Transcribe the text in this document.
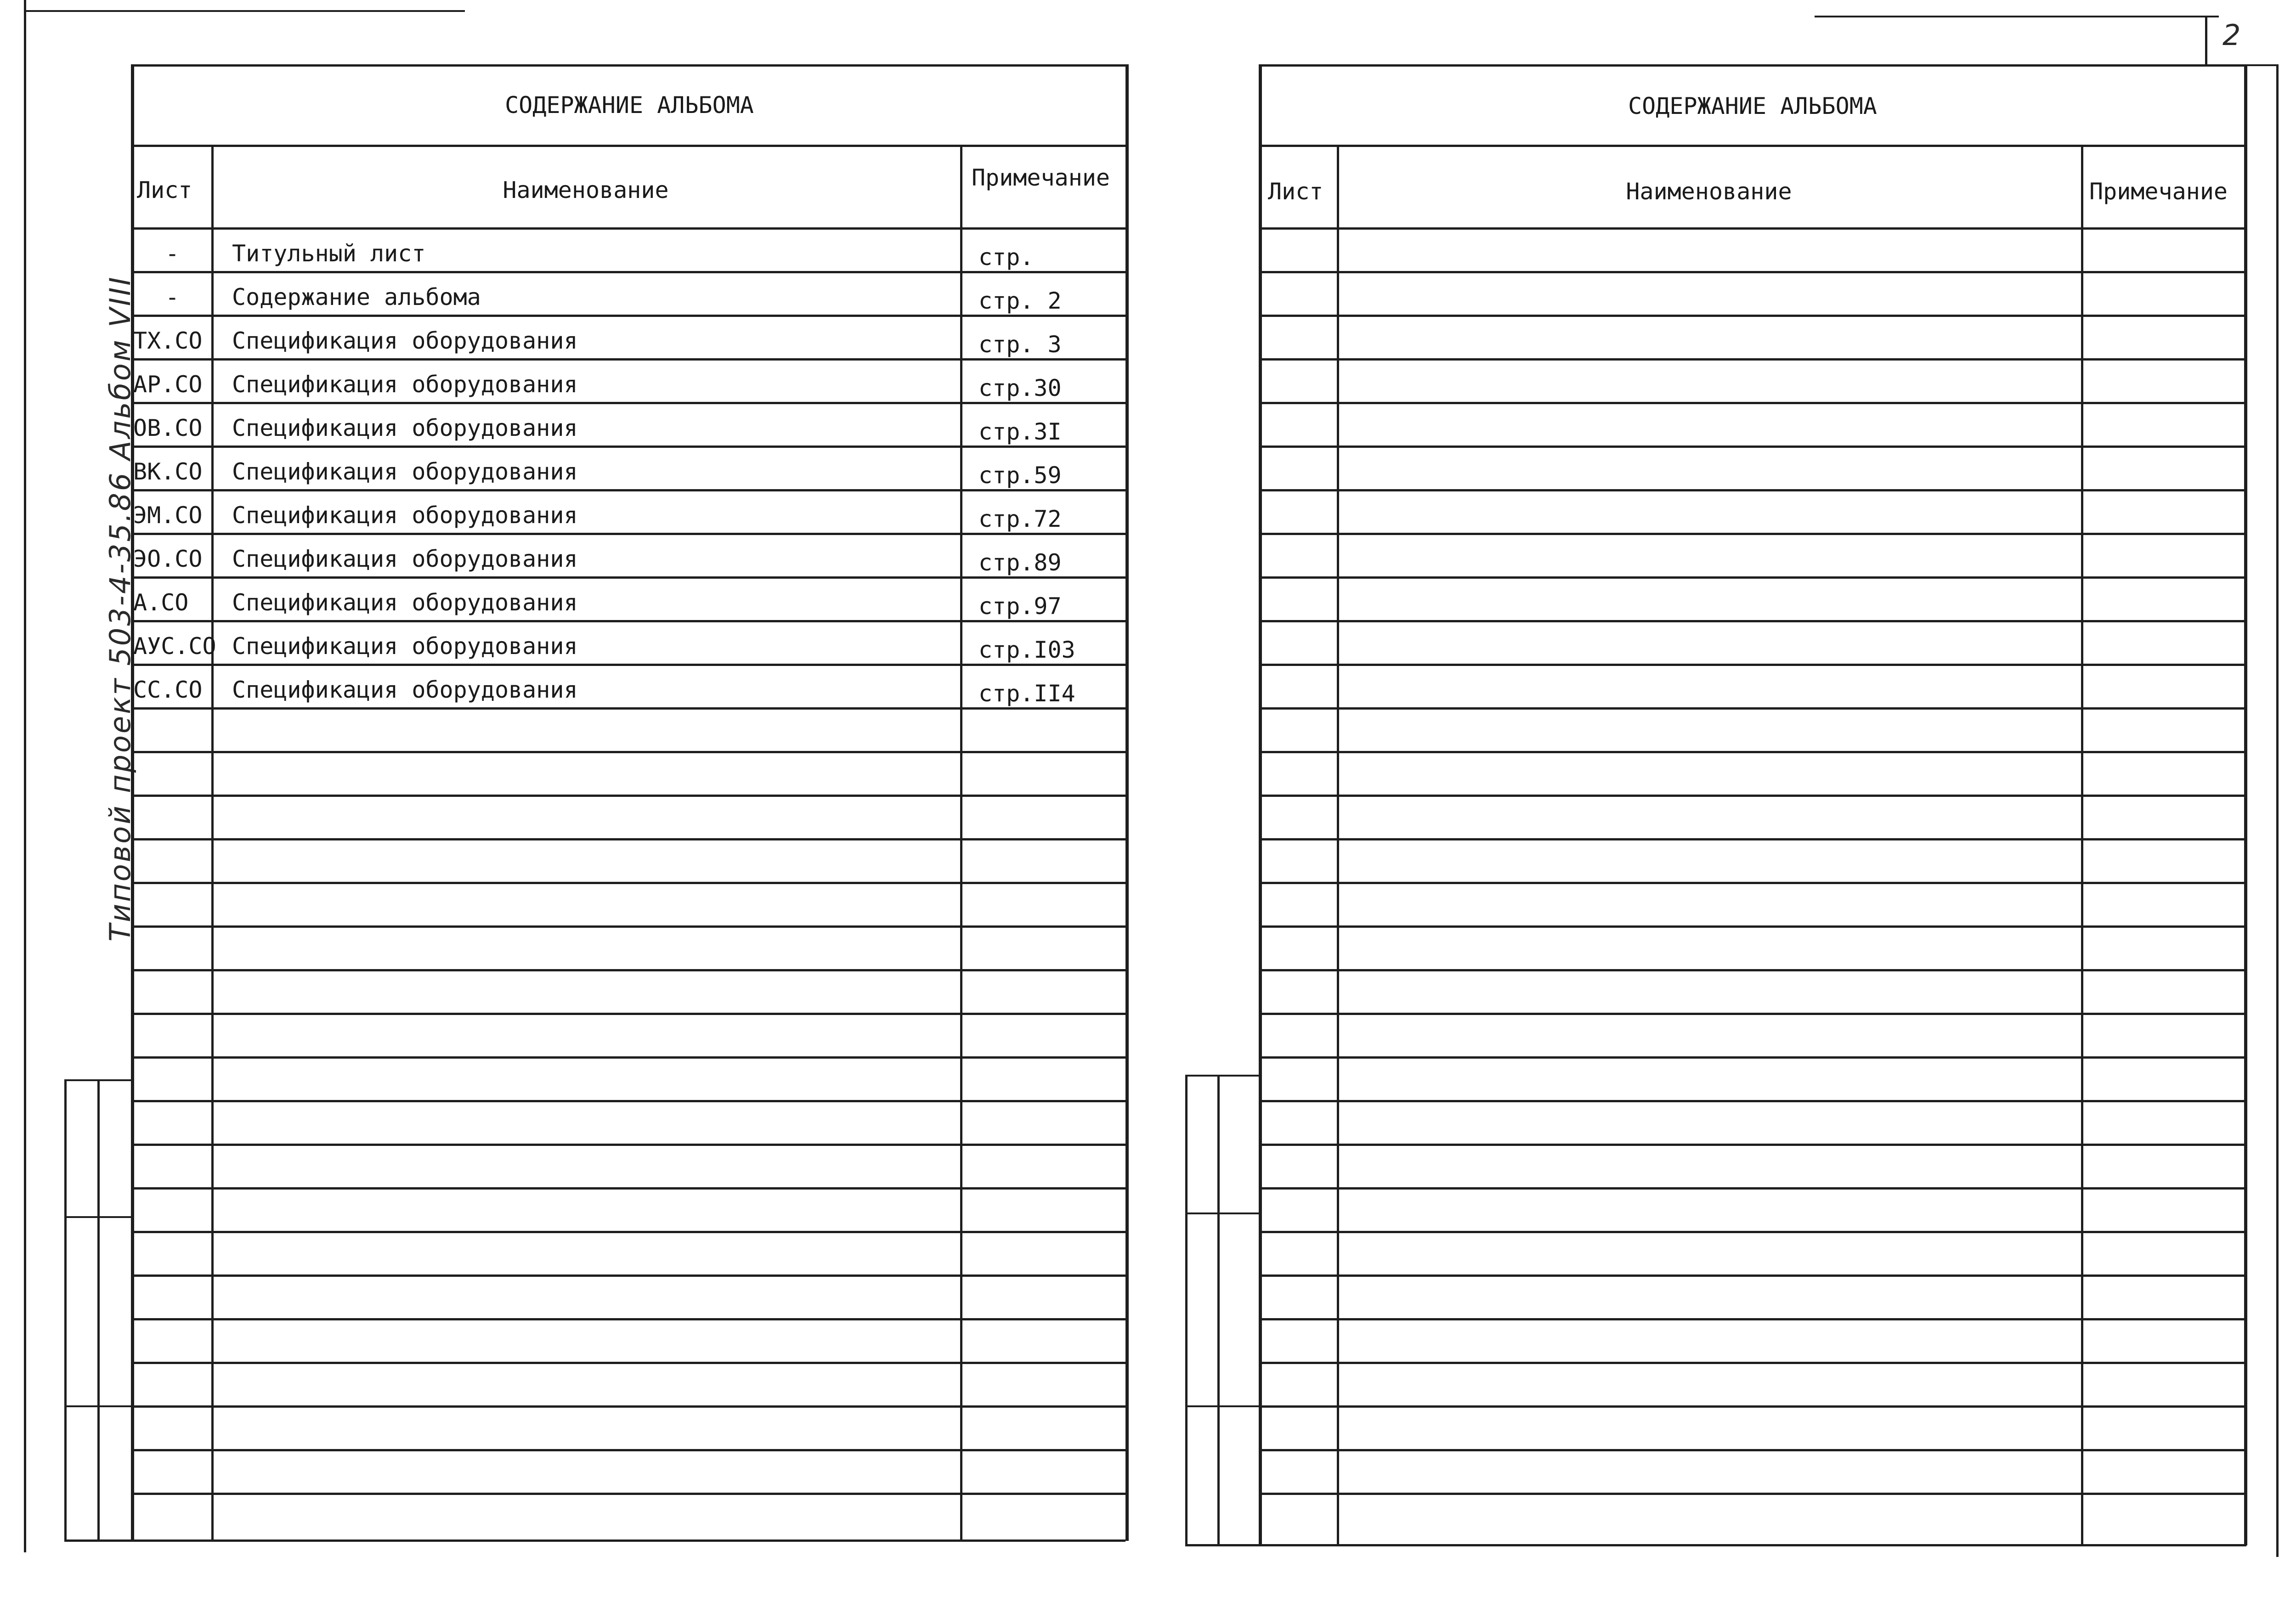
2
Типовой проект 503-4-35.86 Альбом VIII
СОДЕРЖАНИЕ АЛЬБОМА
Лист	Наименование	Примечание
-	Титульный лист	стр.
-	Содержание альбома	стр. 2
ТХ.СО Спецификация оборудования	стр. 3
АР.СО Спецификация оборудования	стр.30
ОВ.СО Спецификация оборудования	стр.3I
ВК.СО Спецификация оборудования	стр.59
ЭМ.СО Спецификация оборудования	стр.72
ЭО.СО Спецификация оборудования	стр.89
А.СО Спецификация оборудования	стр.97
АУС.СО Спецификация оборудования	стр.I03
СС.СО Спецификация оборудования	стр.II4
СОДЕРЖАНИЕ АЛЬБОМА
Лист	Наименование	Примечание
